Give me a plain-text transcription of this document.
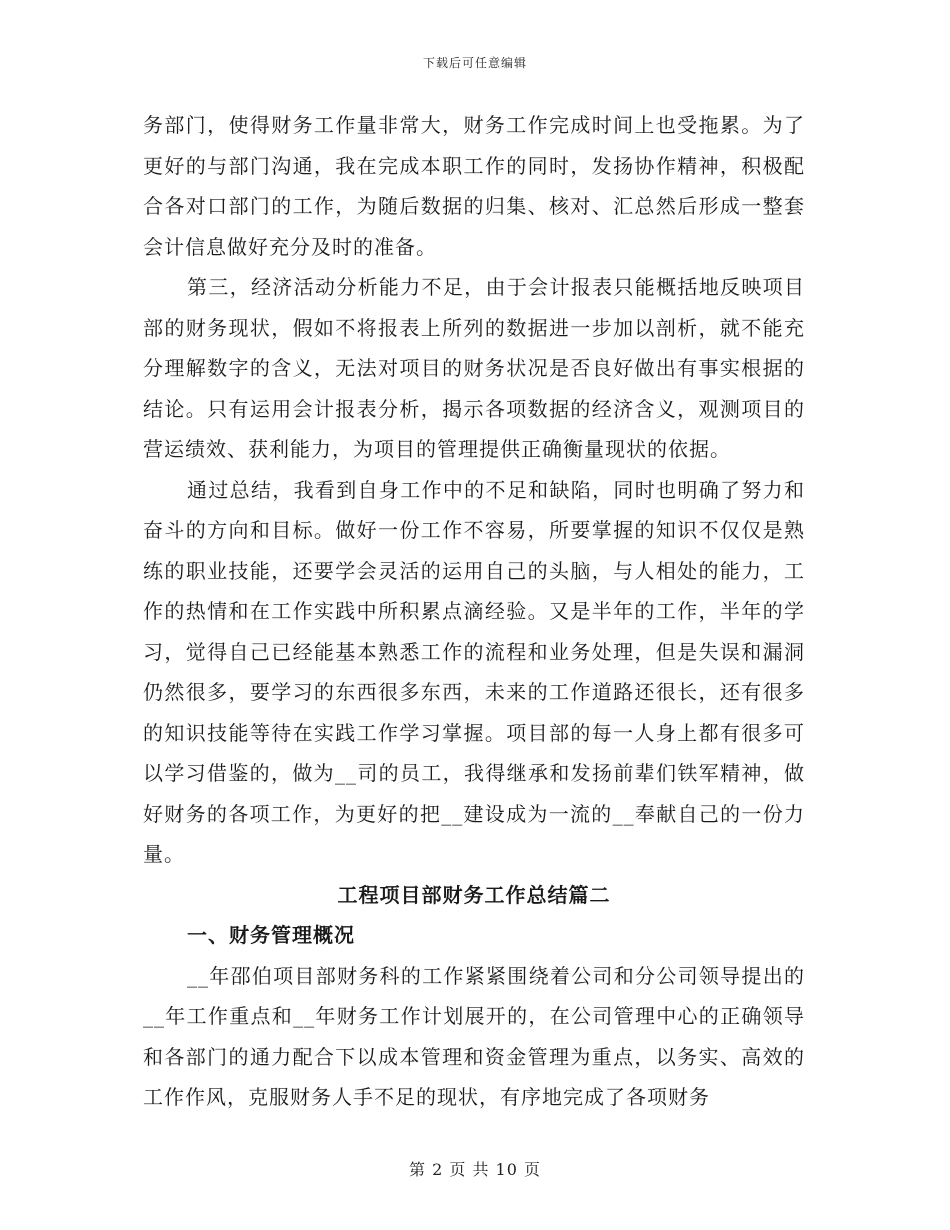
下载后可任意编辑

务部门，使得财务工作量非常大，财务工作完成时间上也受拖累。为了更好的与部门沟通，我在完成本职工作的同时，发扬协作精神，积极配合各对口部门的工作，为随后数据的归集、核对、汇总然后形成一整套会计信息做好充分及时的准备。

第三，经济活动分析能力不足，由于会计报表只能概括地反映项目部的财务现状，假如不将报表上所列的数据进一步加以剖析，就不能充分理解数字的含义，无法对项目的财务状况是否良好做出有事实根据的结论。只有运用会计报表分析，揭示各项数据的经济含义，观测项目的营运绩效、获利能力，为项目的管理提供正确衡量现状的依据。

通过总结，我看到自身工作中的不足和缺陷，同时也明确了努力和奋斗的方向和目标。做好一份工作不容易，所要掌握的知识不仅仅是熟练的职业技能，还要学会灵活的运用自己的头脑，与人相处的能力，工作的热情和在工作实践中所积累点滴经验。又是半年的工作，半年的学习，觉得自己已经能基本熟悉工作的流程和业务处理，但是失误和漏洞仍然很多，要学习的东西很多东西，未来的工作道路还很长，还有很多的知识技能等待在实践工作学习掌握。项目部的每一人身上都有很多可以学习借鉴的，做为__司的员工，我得继承和发扬前辈们铁军精神，做好财务的各项工作，为更好的把__建设成为一流的__奉献自己的一份力量。

工程项目部财务工作总结篇二

一、财务管理概况

__年邵伯项目部财务科的工作紧紧围绕着公司和分公司领导提出的__年工作重点和__年财务工作计划展开的，在公司管理中心的正确领导和各部门的通力配合下以成本管理和资金管理为重点，以务实、高效的工作作风，克服财务人手不足的现状，有序地完成了各项财务

第 2 页 共 10 页
